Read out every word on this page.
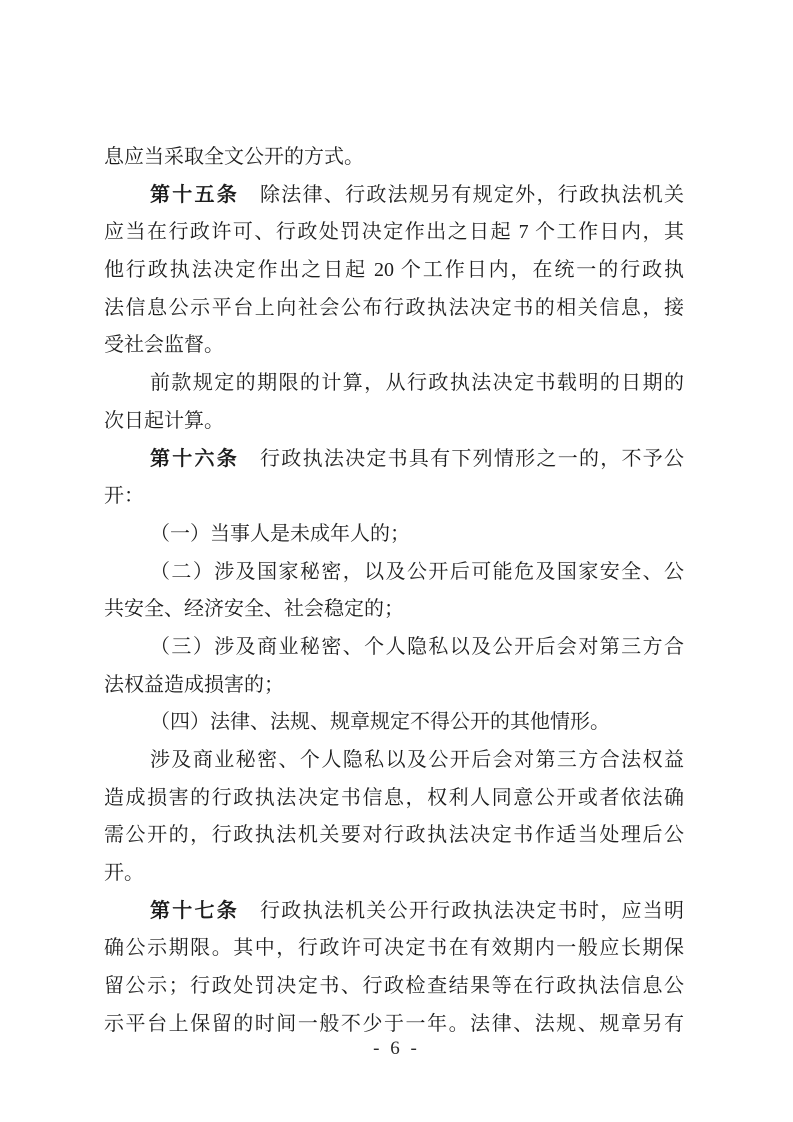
息应当采取全文公开的方式。
第十五条 除法律、行政法规另有规定外，行政执法机关
应当在行政许可、行政处罚决定作出之日起 7 个工作日内，其
他行政执法决定作出之日起 20 个工作日内，在统一的行政执
法信息公示平台上向社会公布行政执法决定书的相关信息，接
受社会监督。
前款规定的期限的计算，从行政执法决定书载明的日期的
次日起计算。
第十六条 行政执法决定书具有下列情形之一的，不予公
开：
（一）当事人是未成年人的；
（二）涉及国家秘密，以及公开后可能危及国家安全、公
共安全、经济安全、社会稳定的；
（三）涉及商业秘密、个人隐私以及公开后会对第三方合
法权益造成损害的；
（四）法律、法规、规章规定不得公开的其他情形。
涉及商业秘密、个人隐私以及公开后会对第三方合法权益
造成损害的行政执法决定书信息，权利人同意公开或者依法确
需公开的，行政执法机关要对行政执法决定书作适当处理后公
开。
第十七条 行政执法机关公开行政执法决定书时，应当明
确公示期限。其中，行政许可决定书在有效期内一般应长期保
留公示；行政处罚决定书、行政检查结果等在行政执法信息公
示平台上保留的时间一般不少于一年。法律、法规、规章另有
- 6 -
